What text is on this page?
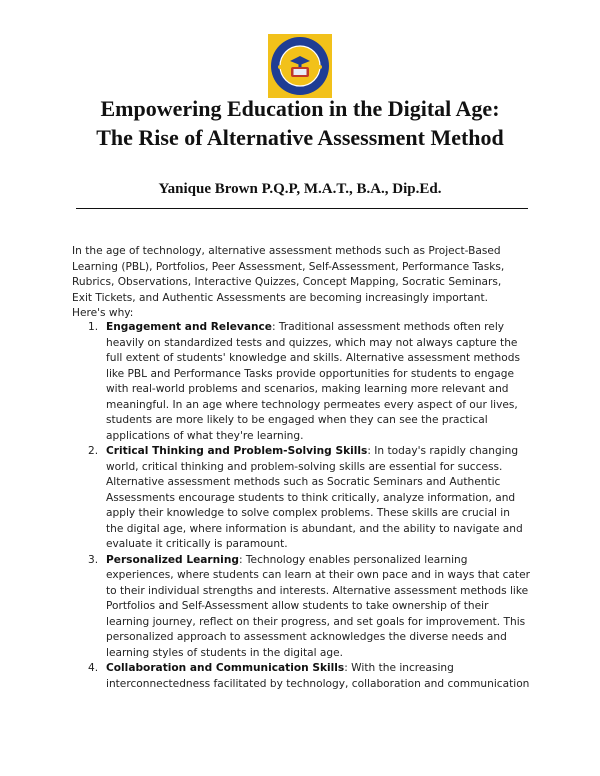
Empowering Education in the Digital Age:
The Rise of Alternative Assessment Method
Yanique Brown P.Q.P, M.A.T., B.A., Dip.Ed.

In the age of technology, alternative assessment methods such as Project-Based Learning (PBL), Portfolios, Peer Assessment, Self-Assessment, Performance Tasks, Rubrics, Observations, Interactive Quizzes, Concept Mapping, Socratic Seminars, Exit Tickets, and Authentic Assessments are becoming increasingly important. Here's why:

1. Engagement and Relevance: Traditional assessment methods often rely heavily on standardized tests and quizzes, which may not always capture the full extent of students' knowledge and skills. Alternative assessment methods like PBL and Performance Tasks provide opportunities for students to engage with real-world problems and scenarios, making learning more relevant and meaningful. In an age where technology permeates every aspect of our lives, students are more likely to be engaged when they can see the practical applications of what they're learning.
2. Critical Thinking and Problem-Solving Skills: In today's rapidly changing world, critical thinking and problem-solving skills are essential for success. Alternative assessment methods such as Socratic Seminars and Authentic Assessments encourage students to think critically, analyze information, and apply their knowledge to solve complex problems. These skills are crucial in the digital age, where information is abundant, and the ability to navigate and evaluate it critically is paramount.
3. Personalized Learning: Technology enables personalized learning experiences, where students can learn at their own pace and in ways that cater to their individual strengths and interests. Alternative assessment methods like Portfolios and Self-Assessment allow students to take ownership of their learning journey, reflect on their progress, and set goals for improvement. This personalized approach to assessment acknowledges the diverse needs and learning styles of students in the digital age.
4. Collaboration and Communication Skills: With the increasing interconnectedness facilitated by technology, collaboration and communication
